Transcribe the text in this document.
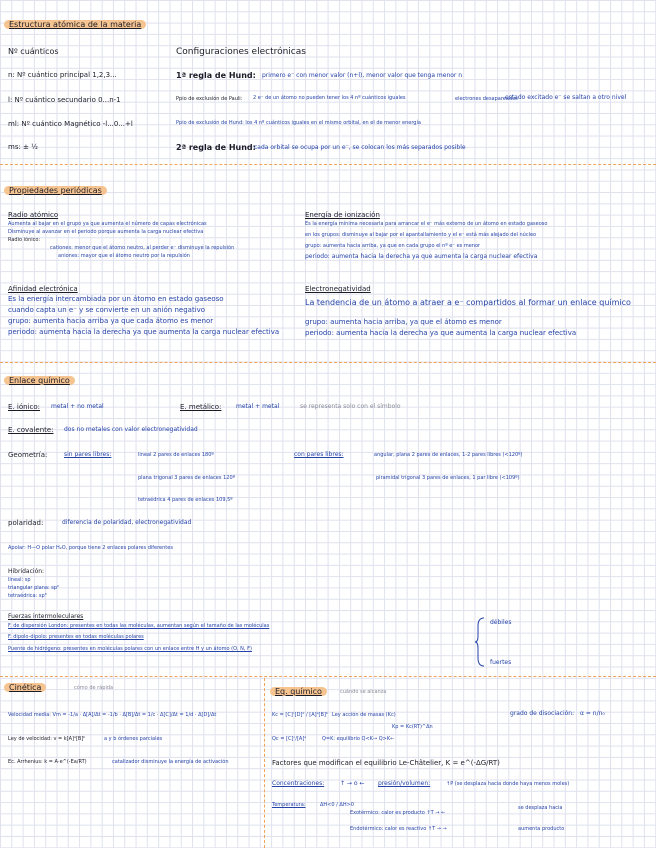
Estructura atómica de la materia
Nº cuánticos
n: Nº cuántico principal 1,2,3...
l: Nº cuántico secundario 0...n-1
ml: Nº cuántico Magnético -l...0...+l
ms: ± ½
Configuraciones electrónicas
1ª regla de Hund: primero e⁻ con menor valor (n+l), menor valor que tenga menor n
Ppio de exclusión de Pauli: 2 e⁻ de un átomo no pueden tener los 4 nº cuánticos iguales	electrones desapareados
estado excitado e⁻ se saltan a otro nivel
Ppio de exclusión de Hund: los 4 nº cuánticos iguales en el mismo orbital, en el de menor energía
2ª regla de Hund:
cada orbital se ocupa por un e⁻, se colocan los más separados posible
Propiedades periódicas
Radio atómico
Aumenta al bajar en el grupo ya que aumenta el número de capas electrónicas
Disminuye al avanzar en el periodo porque aumenta la carga nuclear efectiva
Radio iónico:
cationes: menor que el átomo neutro, al perder e⁻ disminuye la repulsión
aniones: mayor que el átomo neutro por la repulsión
Energía de ionización
Es la energía mínima necesaria para arrancar el e⁻ más externo de un átomo en estado gaseoso
en los grupos: disminuye al bajar por el apantallamiento y el e⁻ está más alejado del núcleo
grupo: aumenta hacia arriba, ya que en cada grupo el nº e⁻ es menor
periodo: aumenta hacia la derecha ya que aumenta la carga nuclear efectiva
Afinidad electrónica
Es la energía intercambiada por un átomo en estado gaseoso
cuando capta un e⁻ y se convierte en un anión negativo
grupo: aumenta hacia arriba ya que cada átomo es menor
periodo: aumenta hacia la derecha ya que aumenta la carga nuclear efectiva
Electronegatividad
La tendencia de un átomo a atraer a e⁻ compartidos al formar un enlace químico
grupo: aumenta hacia arriba, ya que el átomo es menor
periodo: aumenta hacia la derecha ya que aumenta la carga nuclear efectiva
Enlace químico
E. iónico: metal + no metal	E. metálico: metal + metal	se representa solo con el símbolo
E. covalente: dos no metales con valor electronegatividad
Geometría:	sin pares libres:	lineal 2 pares de enlaces 180º
plana trigonal 3 pares de enlaces 120º
tetraédrica 4 pares de enlaces 109,5º
con pares libres:	angular, plana 2 pares de enlaces, 1-2 pares libres (<120º)
piramidal trigonal 3 pares de enlaces, 1 par libre (<109º)
polaridad:	diferencia de polaridad, electronegatividad
Apolar: H—O polar H₂O, porque tiene 2 enlaces polares diferentes
Hibridación:
lineal: sp
triangular plana: sp²
tetraédrica: sp³
Fuerzas intermoleculares
F. de dispersión London: presentes en todas las moléculas, aumentan según el tamaño de las moléculas
F. dipolo-dipolo: presentes en todas moléculas polares
Puente de hidrógeno: presentes en moléculas polares con un enlace entre H y un átomo (O, N, F)
débiles
fuertes
Cinética	cómo de rápida
Velocidad media: Vm = -1/a · Δ[A]/Δt = -1/b · Δ[B]/Δt = 1/c · Δ[C]/Δt = 1/d · Δ[D]/Δt
Ley de velocidad: v = k[A]ᵃ[B]ᵇ	a y b órdenes parciales
Ec. Arrhenius: k = A·e^(-Ea/RT)	catalizador disminuye la energía de activación
Eq. químico	cuándo se alcanza
Kc = [C]ᶜ[D]ᵈ / [A]ᵃ[B]ᵇ Ley acción de masas (Kc)
Kp = Kc(RT)^Δn
grado de disociación: α = n/n₀
Qc = [C]ᶜ/[A]ᵃ	Q=K: equilibrio Q<K→ Q>K←
Factores que modifican el equilibrio Le-Châtelier, K = e^(-ΔG/RT)
Concentraciones:	↑ → o ← presión/volumen:	↑P (se desplaza hacia donde haya menos moles)
Temperatura:	ΔH<0 / ΔH>0
Exotérmico: calor es producto ↑T → ←
Endotérmico: calor es reactivo ↑T → →
se desplaza hacia
aumenta producto
